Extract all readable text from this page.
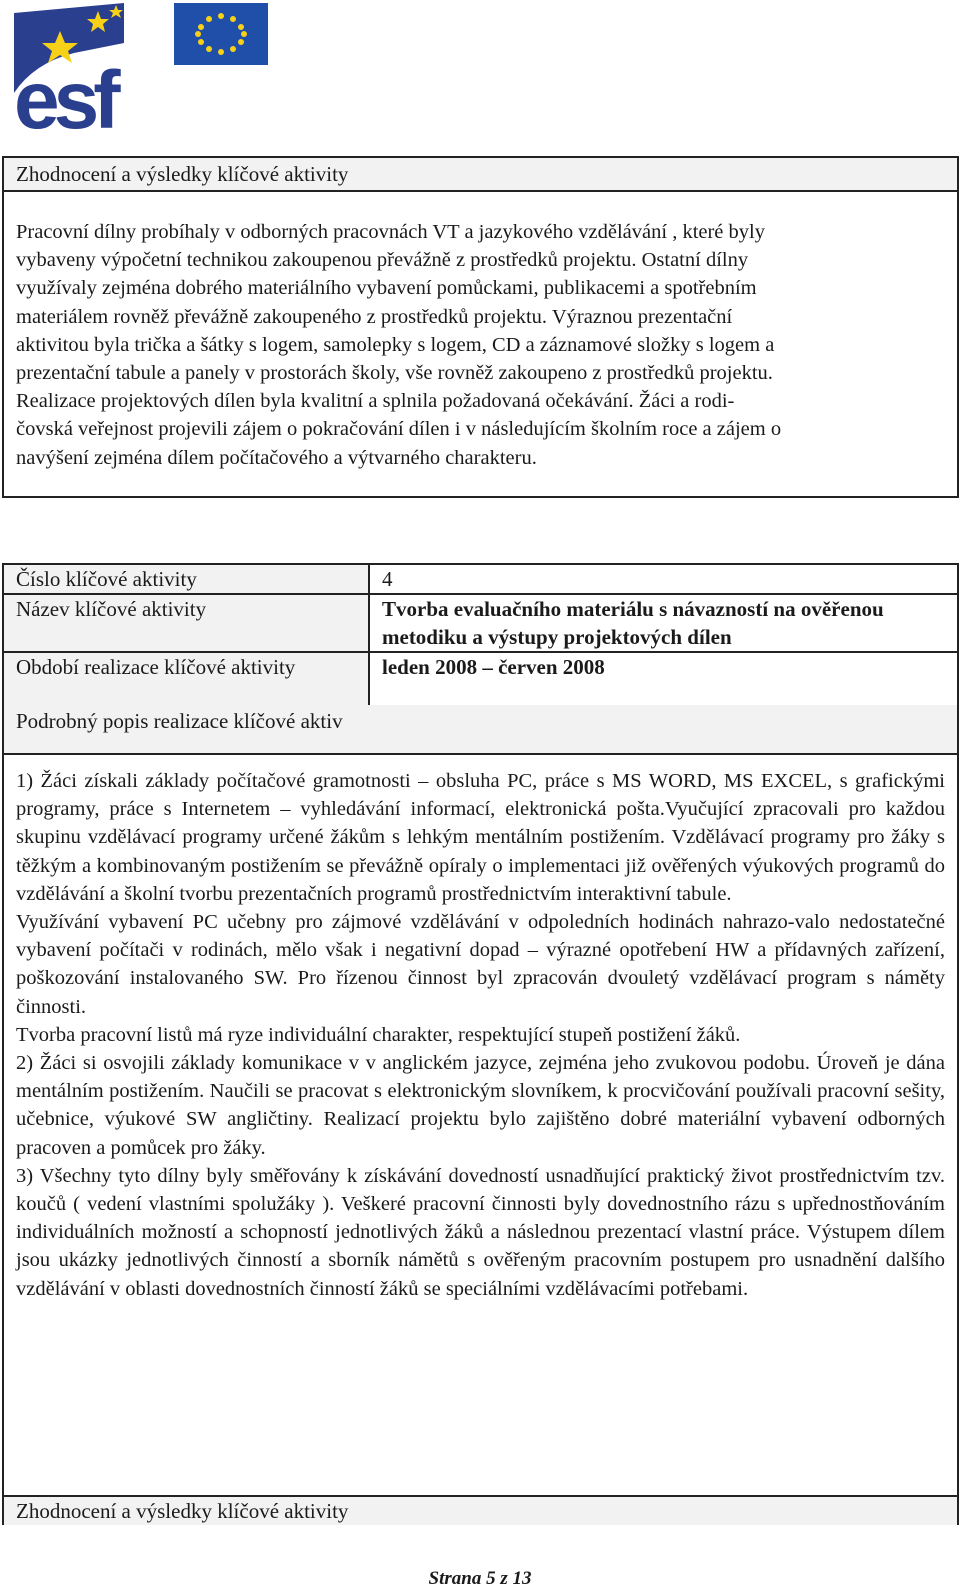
esf
Zhodnocení a výsledky klíčové aktivity
Pracovní dílny probíhaly v odborných pracovnách VT a jazykového vzdělávání , které byly
vybaveny výpočetní technikou zakoupenou převážně z prostředků projektu. Ostatní dílny
využívaly zejména dobrého materiálního vybavení pomůckami, publikacemi a spotřebním
materiálem rovněž převážně zakoupeného z prostředků projektu. Výraznou prezentační
aktivitou byla trička a šátky s logem, samolepky s logem, CD a záznamové složky s logem a
prezentační tabule a panely v prostorách školy, vše rovněž zakoupeno z prostředků projektu.
Realizace projektových dílen byla kvalitní a splnila požadovaná očekávání. Žáci a rodi-
čovská veřejnost projevili zájem o pokračování dílen i v následujícím školním roce a zájem o
navýšení zejména dílem počítačového a výtvarného charakteru.
Číslo klíčové aktivity	4
Název klíčové aktivity	Tvorba evaluačního materiálu s návazností na ověřenou metodiku a výstupy projektových dílen
Období realizace klíčové aktivity	leden 2008 – červen 2008
Podrobný popis realizace klíčové aktiv

1) Žáci získali základy počítačové gramotnosti – obsluha PC, práce s MS WORD, MS EXCEL, s grafickými programy, práce s Internetem – vyhledávání informací, elektronická pošta.Vyučující zpracovali pro každou skupinu vzdělávací programy určené žákům s lehkým mentálním postižením. Vzdělávací programy pro žáky s těžkým a kombinovaným postižením se převážně opíraly o implementaci již ověřených výukových programů do vzdělávání a školní tvorbu prezentačních programů prostřednictvím interaktivní tabule.

Využívání vybavení PC učebny pro zájmové vzdělávání v odpoledních hodinách nahrazo-valo nedostatečné vybavení počítači v rodinách, mělo však i negativní dopad – výrazné opotřebení HW a přídavných zařízení, poškozování instalovaného SW. Pro řízenou činnost byl zpracován dvouletý vzdělávací program s náměty činnosti.

Tvorba pracovní listů má ryze individuální charakter, respektující stupeň postižení žáků.

2) Žáci si osvojili základy komunikace v v anglickém jazyce, zejména jeho zvukovou podobu. Úroveň je dána mentálním postižením. Naučili se pracovat s elektronickým slovníkem, k procvičování používali pracovní sešity, učebnice, výukové SW angličtiny. Realizací projektu bylo zajištěno dobré materiální vybavení odborných pracoven a pomůcek pro žáky.

3) Všechny tyto dílny byly směřovány k získávání dovedností usnadňující praktický život prostřednictvím tzv. koučů ( vedení vlastními spolužáky ). Veškeré pracovní činnosti byly dovednostního rázu s upřednostňováním individuálních možností a schopností jednotlivých žáků a následnou prezentací vlastní práce. Výstupem dílem jsou ukázky jednotlivých činností a sborník námětů s ověřeným pracovním postupem pro usnadnění dalšího vzdělávání v oblasti dovednostních činností žáků se speciálními vzdělávacími potřebami.

Zhodnocení a výsledky klíčové aktivity
Strana 5 z 13
